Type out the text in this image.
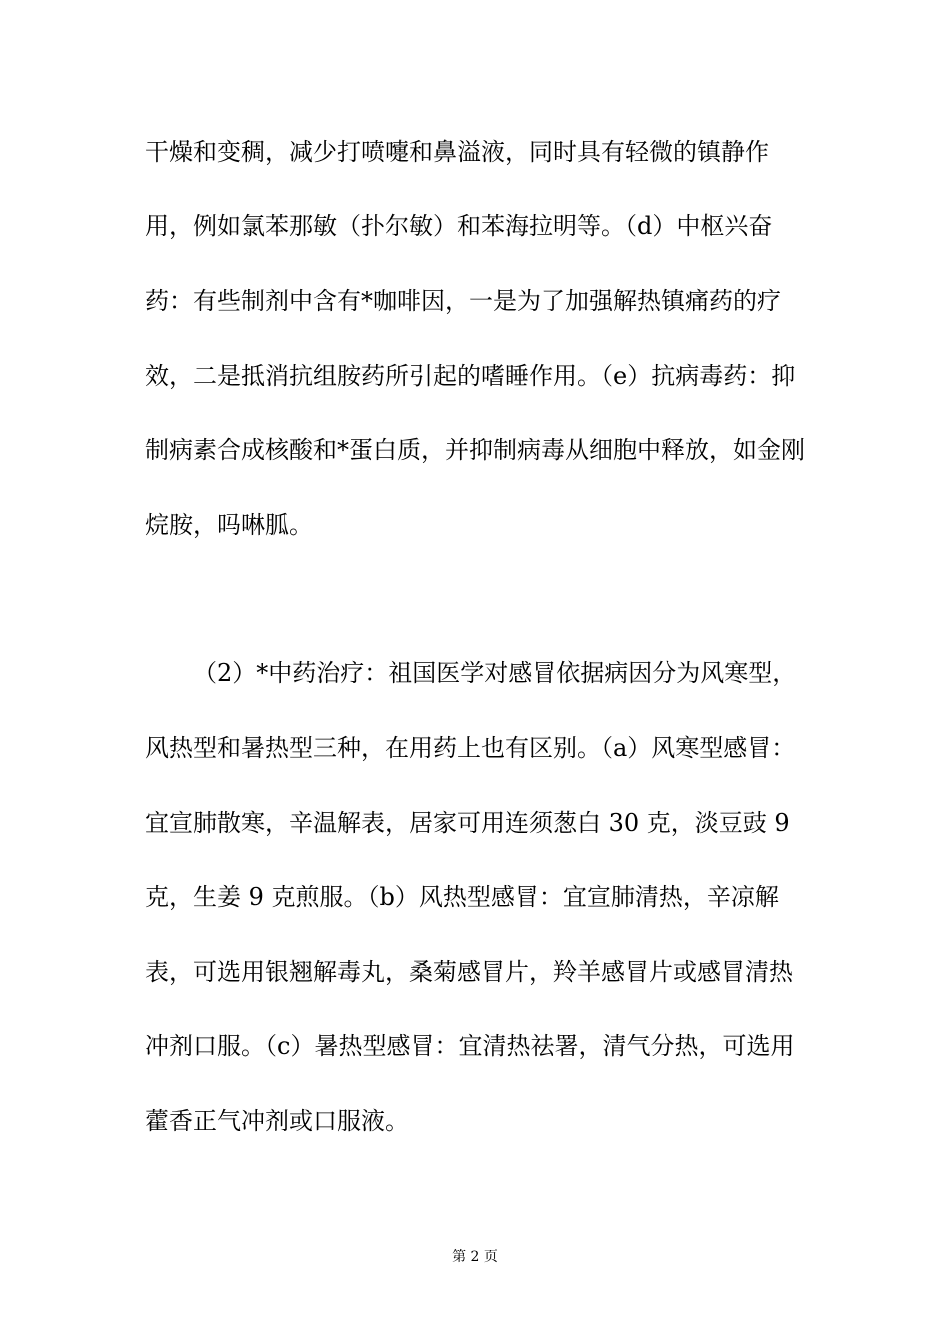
干燥和变稠，减少打喷嚏和鼻溢液，同时具有轻微的镇静作

用，例如氯苯那敏（扑尔敏）和苯海拉明等。（d）中枢兴奋

药：有些制剂中含有*咖啡因，一是为了加强解热镇痛药的疗

效，二是抵消抗组胺药所引起的嗜睡作用。（e）抗病毒药：抑

制病素合成核酸和*蛋白质，并抑制病毒从细胞中释放，如金刚

烷胺，吗啉胍。

（2）*中药治疗：祖国医学对感冒依据病因分为风寒型，

风热型和暑热型三种，在用药上也有区别。（a）风寒型感冒：

宜宣肺散寒，辛温解表，居家可用连须葱白 30 克，淡豆豉 9

克，生姜 9 克煎服。（b）风热型感冒：宜宣肺清热，辛凉解

表，可选用银翘解毒丸，桑菊感冒片，羚羊感冒片或感冒清热

冲剂口服。（c）暑热型感冒：宜清热祛署，清气分热，可选用

藿香正气冲剂或口服液。

第 2 页
